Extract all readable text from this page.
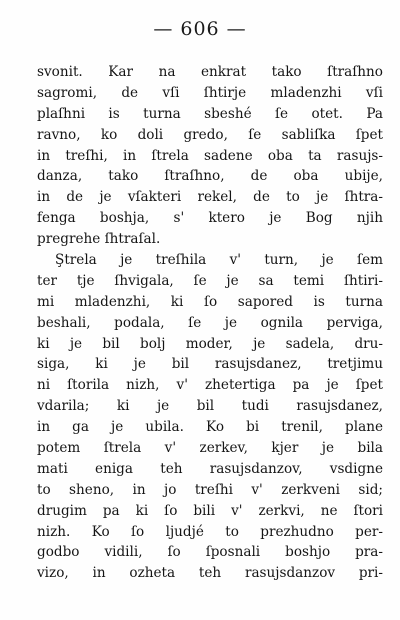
— 606 —
svonit. Kar na enkrat tako ſtraſhno
sagromi, de vſi ſhtirje mladenzhi vſi
plaſhni is turna sbeshé ſe otet. Pa
ravno, ko doli gredo, ſe sabliſka ſpet
in treſhi, in ſtrela sadene oba ta rasujs-
danza, tako ſtraſhno, de oba ubije,
in de je vſakteri rekel, de to je ſhtra-
fenga boshja, s' ktero je Bog njih
pregrehe ſhtraſal.
Ştrela je treſhila v' turn, je ſem
ter tje ſhvigala, ſe je sa temi ſhtiri-
mi mladenzhi, ki ſo sapored is turna
beshali, podala, ſe je ognila perviga,
ki je bil bolj moder, je sadela, dru-
siga, ki je bil rasujsdanez, tretjimu
ni ſtorila nizh, v' zhetertiga pa je ſpet
vdarila; ki je bil tudi rasujsdanez,
in ga je ubila. Ko bi trenil, plane
potem ſtrela v' zerkev, kjer je bila
mati eniga teh rasujsdanzov, vsdigne
to sheno, in jo treſhi v' zerkveni sid;
drugim pa ki ſo bili v' zerkvi, ne ſtori
nizh. Ko ſo ljudjé to prezhudno per-
godbo vidili, ſo ſposnali boshjo pra-
vizo, in ozheta teh rasujsdanzov pri-
